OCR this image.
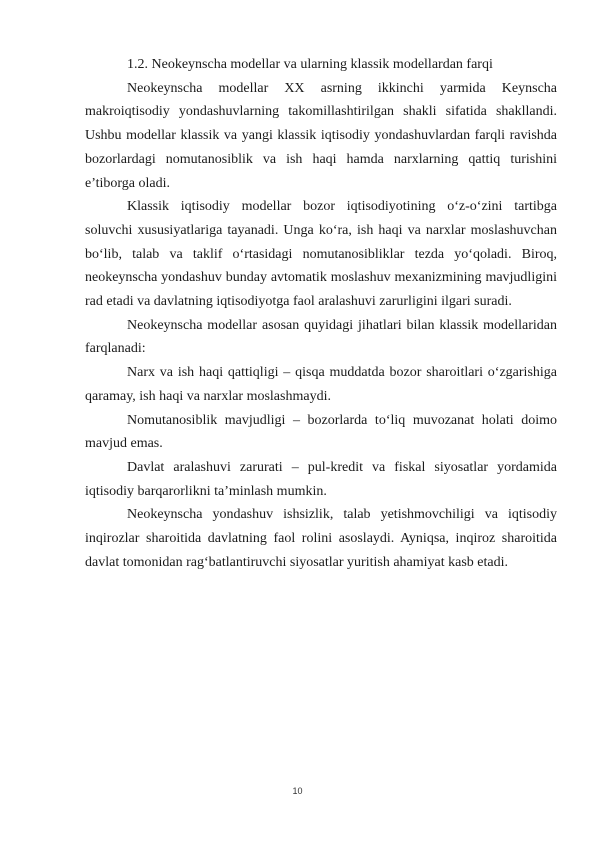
1.2. Neokeynscha modellar va ularning klassik modellardan farqi

Neokeynscha modellar XX asrning ikkinchi yarmida Keynscha makroiqtisodiy yondashuvlarning takomillashtirilgan shakli sifatida shakllandi. Ushbu modellar klassik va yangi klassik iqtisodiy yondashuvlardan farqli ravishda bozorlardagi nomutanosiblik va ish haqi hamda narxlarning qattiq turishini e’tiborga oladi.

Klassik iqtisodiy modellar bozor iqtisodiyotining o‘z-o‘zini tartibga soluvchi xususiyatlariga tayanadi. Unga ko‘ra, ish haqi va narxlar moslashuvchan bo‘lib, talab va taklif o‘rtasidagi nomutanosibliklar tezda yo‘qoladi. Biroq, neokeynscha yondashuv bunday avtomatik moslashuv mexanizmining mavjudligini rad etadi va davlatning iqtisodiyotga faol aralashuvi zarurligini ilgari suradi.

Neokeynscha modellar asosan quyidagi jihatlari bilan klassik modellaridan farqlanadi:

Narx va ish haqi qattiqligi – qisqa muddatda bozor sharoitlari o‘zgarishiga qaramay, ish haqi va narxlar moslashmaydi.

Nomutanosiblik mavjudligi – bozorlarda to‘liq muvozanat holati doimo mavjud emas.

Davlat aralashuvi zarurati – pul-kredit va fiskal siyosatlar yordamida iqtisodiy barqarorlikni ta’minlash mumkin.

Neokeynscha yondashuv ishsizlik, talab yetishmovchiligi va iqtisodiy inqirozlar sharoitida davlatning faol rolini asoslaydi. Ayniqsa, inqiroz sharoitida davlat tomonidan rag‘batlantiruvchi siyosatlar yuritish ahamiyat kasb etadi.

10
